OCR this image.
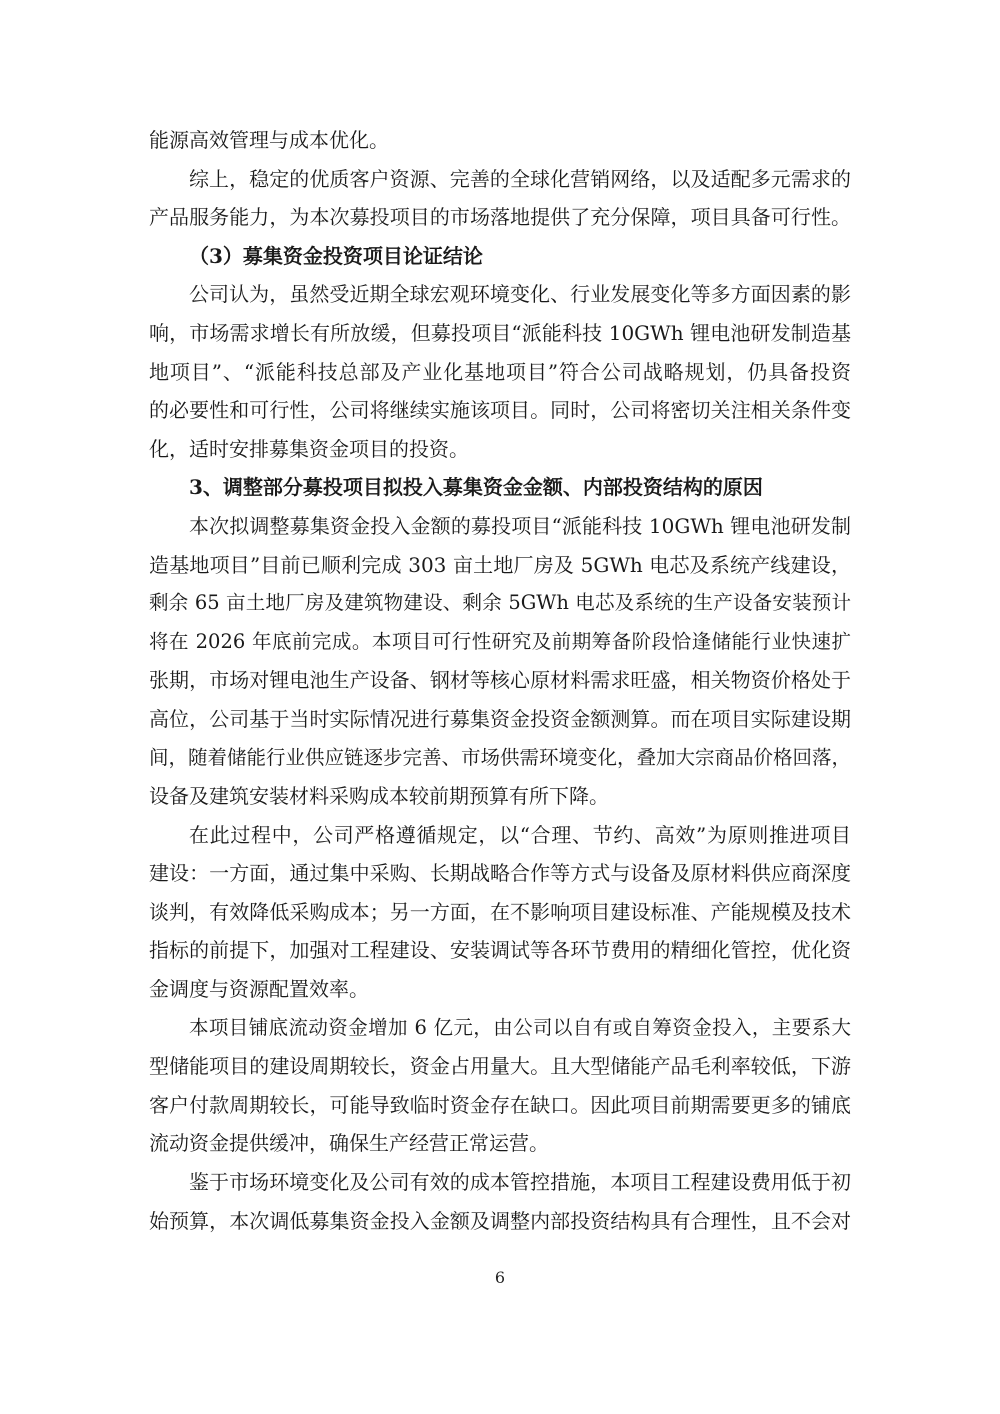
能源高效管理与成本优化。
综上，稳定的优质客户资源、完善的全球化营销网络，以及适配多元需求的
产品服务能力，为本次募投项目的市场落地提供了充分保障，项目具备可行性。
（3）募集资金投资项目论证结论
公司认为，虽然受近期全球宏观环境变化、行业发展变化等多方面因素的影
响，市场需求增长有所放缓，但募投项目“派能科技 10GWh 锂电池研发制造基
地项目”、“派能科技总部及产业化基地项目”符合公司战略规划，仍具备投资
的必要性和可行性，公司将继续实施该项目。同时，公司将密切关注相关条件变
化，适时安排募集资金项目的投资。
3、调整部分募投项目拟投入募集资金金额、内部投资结构的原因
本次拟调整募集资金投入金额的募投项目“派能科技 10GWh 锂电池研发制
造基地项目”目前已顺利完成 303 亩土地厂房及 5GWh 电芯及系统产线建设，
剩余 65 亩土地厂房及建筑物建设、剩余 5GWh 电芯及系统的生产设备安装预计
将在 2026 年底前完成。本项目可行性研究及前期筹备阶段恰逢储能行业快速扩
张期，市场对锂电池生产设备、钢材等核心原材料需求旺盛，相关物资价格处于
高位，公司基于当时实际情况进行募集资金投资金额测算。而在项目实际建设期
间，随着储能行业供应链逐步完善、市场供需环境变化，叠加大宗商品价格回落，
设备及建筑安装材料采购成本较前期预算有所下降。
在此过程中，公司严格遵循规定，以“合理、节约、高效”为原则推进项目
建设：一方面，通过集中采购、长期战略合作等方式与设备及原材料供应商深度
谈判，有效降低采购成本；另一方面，在不影响项目建设标准、产能规模及技术
指标的前提下，加强对工程建设、安装调试等各环节费用的精细化管控，优化资
金调度与资源配置效率。
本项目铺底流动资金增加 6 亿元，由公司以自有或自筹资金投入，主要系大
型储能项目的建设周期较长，资金占用量大。且大型储能产品毛利率较低，下游
客户付款周期较长，可能导致临时资金存在缺口。因此项目前期需要更多的铺底
流动资金提供缓冲，确保生产经营正常运营。
鉴于市场环境变化及公司有效的成本管控措施，本项目工程建设费用低于初
始预算，本次调低募集资金投入金额及调整内部投资结构具有合理性，且不会对
6
